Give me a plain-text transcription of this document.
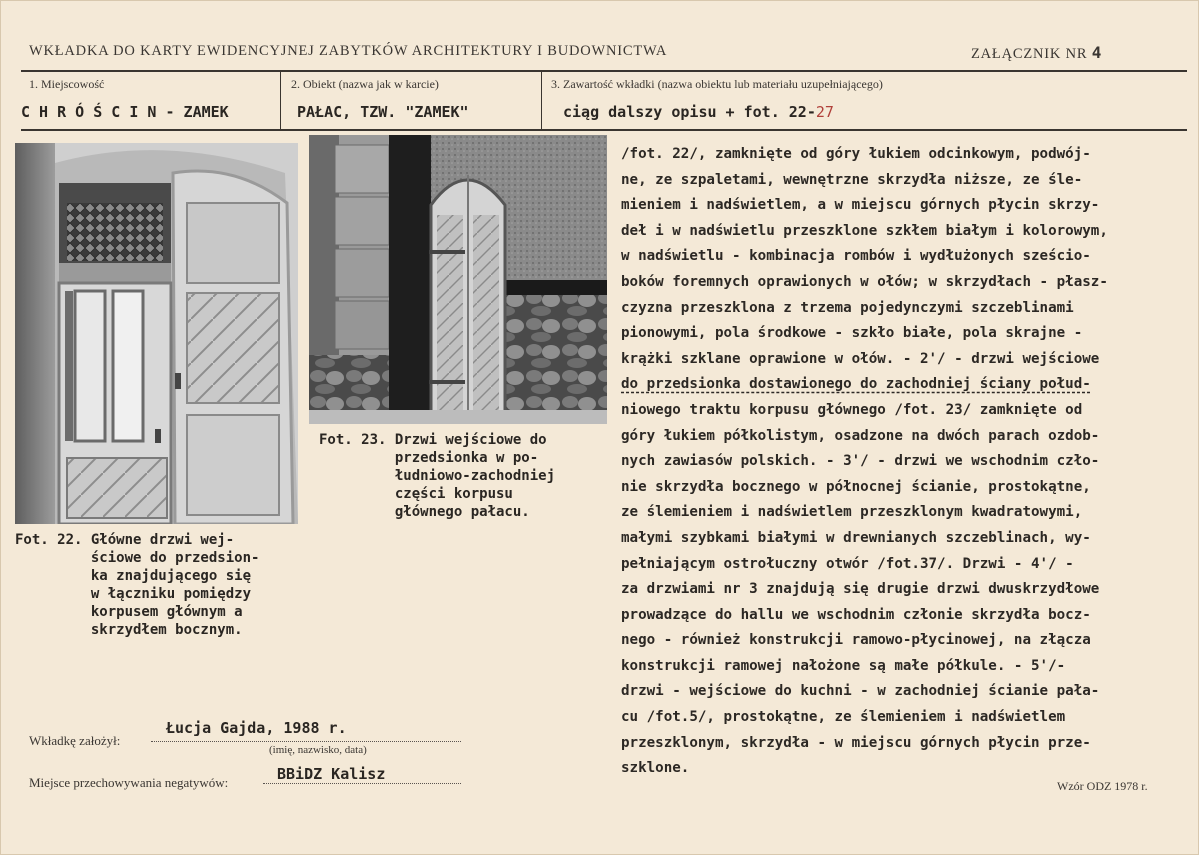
WKŁADKA DO KARTY EWIDENCYJNEJ ZABYTKÓW ARCHITEKTURY I BUDOWNICTWA	ZAŁĄCZNIK NR 4
1. Miejscowość
C H R Ó Ś C I N - ZAMEK
2. Obiekt (nazwa jak w karcie)
PAŁAC, TZW. "ZAMEK"
3. Zawartość wkładki (nazwa obiektu lub materiału uzupełniającego)
ciąg dalszy opisu + fot. 22-27
Fot. 22. Główne drzwi wej-
ściowe do przedsion-
ka znajdującego się
w łączniku pomiędzy
korpusem głównym a
skrzydłem bocznym.
Fot. 23. Drzwi wejściowe do
przedsionka w po-
łudniowo-zachodniej
części korpusu
głównego pałacu.
/fot. 22/, zamknięte od góry łukiem odcinkowym, podwój-
ne, ze szpaletami, wewnętrzne skrzydła niższe, ze śle-
mieniem i nadświetlem, a w miejscu górnych płycin skrzy-
deł i w nadświetlu przeszklone szkłem białym i kolorowym,
w nadświetlu - kombinacja rombów i wydłużonych sześcio-
boków foremnych oprawionych w ołów; w skrzydłach - płasz-
czyzna przeszklona z trzema pojedynczymi szczeblinami
pionowymi, pola środkowe - szkło białe, pola skrajne -
krążki szklane oprawione w ołów. - 2'/ - drzwi wejściowe
do przedsionka dostawionego do zachodniej ściany połud-
niowego traktu korpusu głównego /fot. 23/ zamknięte od
góry łukiem półkolistym, osadzone na dwóch parach ozdob-
nych zawiasów polskich. - 3'/ - drzwi we wschodnim czło-
nie skrzydła bocznego w północnej ścianie, prostokątne,
ze ślemieniem i nadświetlem przeszklonym kwadratowymi,
małymi szybkami białymi w drewnianych szczeblinach, wy-
pełniającym ostrołuczny otwór /fot.37/. Drzwi - 4'/ -
za drzwiami nr 3 znajdują się drugie drzwi dwuskrzydłowe
prowadzące do hallu we wschodnim członie skrzydła bocz-
nego - również konstrukcji ramowo-płycinowej, na złącza
konstrukcji ramowej nałożone są małe półkule. - 5'/-
drzwi - wejściowe do kuchni - w zachodniej ścianie pała-
cu /fot.5/, prostokątne, ze ślemieniem i nadświetlem
przeszklonym, skrzydła - w miejscu górnych płycin prze-
szklone.
Wkładkę założył:
Łucja Gajda, 1988 r.
(imię, nazwisko, data)
Miejsce przechowywania negatywów:	BBiDZ Kalisz
Wzór ODZ 1978 r.
